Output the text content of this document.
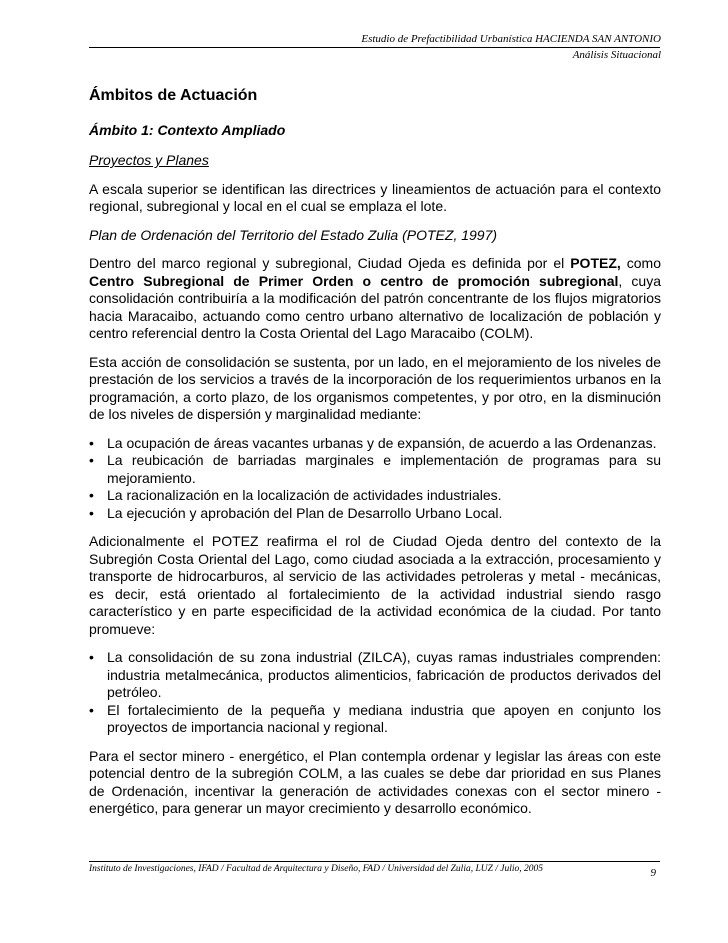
Estudio de Prefactibilidad Urbanística HACIENDA SAN ANTONIO
Análisis Situacional
Ámbitos de Actuación
Ámbito 1: Contexto Ampliado

Proyectos y Planes

A escala superior se identifican las directrices y lineamientos de actuación para el contexto regional, subregional y local en el cual se emplaza el lote.

Plan de Ordenación del Territorio del Estado Zulia (POTEZ, 1997)

Dentro del marco regional y subregional, Ciudad Ojeda es definida por el POTEZ, como Centro Subregional de Primer Orden o centro de promoción subregional, cuya consolidación contribuiría a la modificación del patrón concentrante de los flujos migratorios hacia Maracaibo, actuando como centro urbano alternativo de localización de población y centro referencial dentro la Costa Oriental del Lago Maracaibo (COLM).

Esta acción de consolidación se sustenta, por un lado, en el mejoramiento de los niveles de prestación de los servicios a través de la incorporación de los requerimientos urbanos en la programación, a corto plazo, de los organismos competentes, y por otro, en la disminución de los niveles de dispersión y marginalidad mediante:

• La ocupación de áreas vacantes urbanas y de expansión, de acuerdo a las Ordenanzas.
• La reubicación de barriadas marginales e implementación de programas para su mejoramiento.
• La racionalización en la localización de actividades industriales.
• La ejecución y aprobación del Plan de Desarrollo Urbano Local.

Adicionalmente el POTEZ reafirma el rol de Ciudad Ojeda dentro del contexto de la Subregión Costa Oriental del Lago, como ciudad asociada a la extracción, procesamiento y transporte de hidrocarburos, al servicio de las actividades petroleras y metal - mecánicas, es decir, está orientado al fortalecimiento de la actividad industrial siendo rasgo característico y en parte especificidad de la actividad económica de la ciudad. Por tanto promueve:

• La consolidación de su zona industrial (ZILCA), cuyas ramas industriales comprenden: industria metalmecánica, productos alimenticios, fabricación de productos derivados del petróleo.
• El fortalecimiento de la pequeña y mediana industria que apoyen en conjunto los proyectos de importancia nacional y regional.

Para el sector minero - energético, el Plan contempla ordenar y legislar las áreas con este potencial dentro de la subregión COLM, a las cuales se debe dar prioridad en sus Planes de Ordenación, incentivar la generación de actividades conexas con el sector minero - energético, para generar un mayor crecimiento y desarrollo económico.

Instituto de Investigaciones, IFAD / Facultad de Arquitectura y Diseño, FAD / Universidad del Zulia, LUZ / Julio, 2005	9
